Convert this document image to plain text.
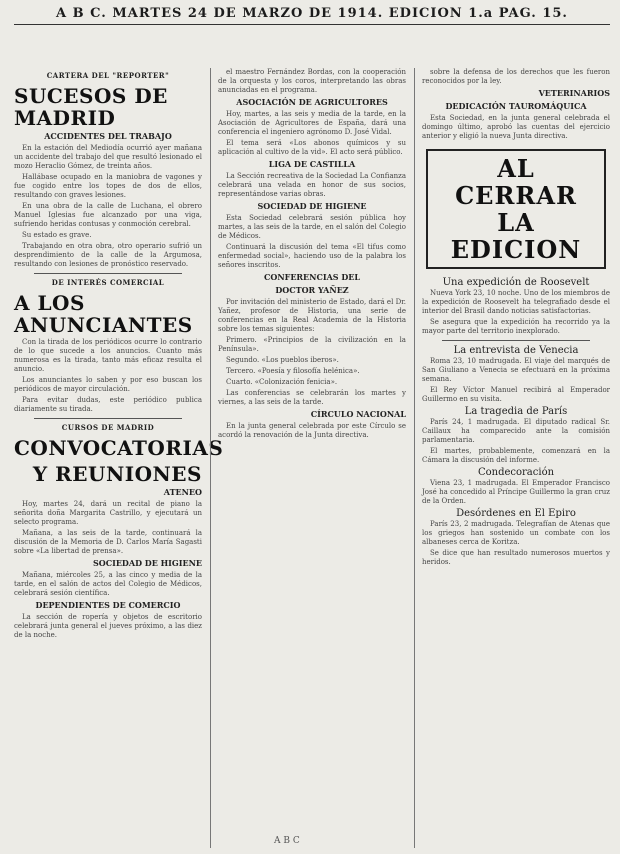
A B C. MARTES 24 DE MARZO DE 1914. EDICION 1.a PAG. 15.
CARTERA DEL "REPORTER"
SUCESOS DE MADRID
ACCIDENTES DEL TRABAJO

En la estación del Mediodía ocurrió ayer mañana un accidente del trabajo del que resultó lesionado el mozo Heraclio Gómez, de treinta años.

Hallábase ocupado en la maniobra de vagones y fue cogido entre los topes de dos de ellos, resultando con graves lesiones.

En una obra de la calle de Luchana, el obrero Manuel Iglesias fue alcanzado por una viga, sufriendo heridas contusas y conmoción cerebral.

Su estado es grave.

Trabajando en otra obra, otro operario sufrió un desprendimiento de la calle de la Argumosa, resultando con lesiones de pronóstico reservado.

DE INTERÉS COMERCIAL
A LOS ANUNCIANTES

Con la tirada de los periódicos ocurre lo contrario de lo que sucede a los anuncios. Cuanto más numerosa es la tirada, tanto más eficaz resulta el anuncio.

Los anunciantes lo saben y por eso buscan los periódicos de mayor circulación.

Para evitar dudas, este periódico publica diariamente su tirada.

CURSOS DE MADRID
CONVOCATORIAS
Y REUNIONES
ATENEO

Hoy, martes 24, dará un recital de piano la señorita doña Margarita Castrillo, y ejecutará un selecto programa.

Mañana, a las seis de la tarde, continuará la discusión de la Memoria de D. Carlos María Sagasti sobre «La libertad de prensa».

SOCIEDAD DE HIGIENE

Mañana, miércoles 25, a las cinco y media de la tarde, en el salón de actos del Colegio de Médicos, celebrará sesión científica.

DEPENDIENTES DE COMERCIO

La sección de ropería y objetos de escritorio celebrará junta general el jueves próximo, a las diez de la noche.

el maestro Fernández Bordas, con la cooperación de la orquesta y los coros, interpretando las obras anunciadas en el programa.

ASOCIACIÓN DE AGRICULTORES

Hoy, martes, a las seis y media de la tarde, en la Asociación de Agricultores de España, dará una conferencia el ingeniero agrónomo D. José Vidal.

El tema será «Los abonos químicos y su aplicación al cultivo de la vid». El acto será público.

LIGA DE CASTILLA

La Sección recreativa de la Sociedad La Confianza celebrará una velada en honor de sus socios, representándose varias obras.

SOCIEDAD DE HIGIENE

Esta Sociedad celebrará sesión pública hoy martes, a las seis de la tarde, en el salón del Colegio de Médicos.

Continuará la discusión del tema «El tifus como enfermedad social», haciendo uso de la palabra los señores inscritos.

CONFERENCIAS DEL
DOCTOR YAÑEZ

Por invitación del ministerio de Estado, dará el Dr. Yañez, profesor de Historia, una serie de conferencias en la Real Academia de la Historia sobre los temas siguientes:

Primero. «Principios de la civilización en la Península».

Segundo. «Los pueblos iberos».

Tercero. «Poesía y filosofía helénica».

Cuarto. «Colonización fenicia».

Las conferencias se celebrarán los martes y viernes, a las seis de la tarde.

CÍRCULO NACIONAL

En la junta general celebrada por este Círculo se acordó la renovación de la Junta directiva.

sobre la defensa de los derechos que les fueron reconocidos por la ley.

VETERINARIOS
DEDICACIÓN TAUROMÁQUICA

Esta Sociedad, en la junta general celebrada el domingo último, aprobó las cuentas del ejercicio anterior y eligió la nueva Junta directiva.

AL CERRAR
LA EDICION
Una expedición de Roosevelt

Nueva York 23, 10 noche. Uno de los miembros de la expedición de Roosevelt ha telegrafiado desde el interior del Brasil dando noticias satisfactorias.

Se asegura que la expedición ha recorrido ya la mayor parte del territorio inexplorado.

La entrevista de Venecia

Roma 23, 10 madrugada. El viaje del marqués de San Giuliano a Venecia se efectuará en la próxima semana.

El Rey Víctor Manuel recibirá al Emperador Guillermo en su visita.

La tragedia de París

París 24, 1 madrugada. El diputado radical Sr. Caillaux ha comparecido ante la comisión parlamentaria.

El martes, probablemente, comenzará en la Cámara la discusión del informe.

Condecoración

Viena 23, 1 madrugada. El Emperador Francisco José ha concedido al Príncipe Guillermo la gran cruz de la Orden.

Desórdenes en El Epiro

París 23, 2 madrugada. Telegrafían de Atenas que los griegos han sostenido un combate con los albaneses cerca de Koritza.

Se dice que han resultado numerosos muertos y heridos.

A B C
